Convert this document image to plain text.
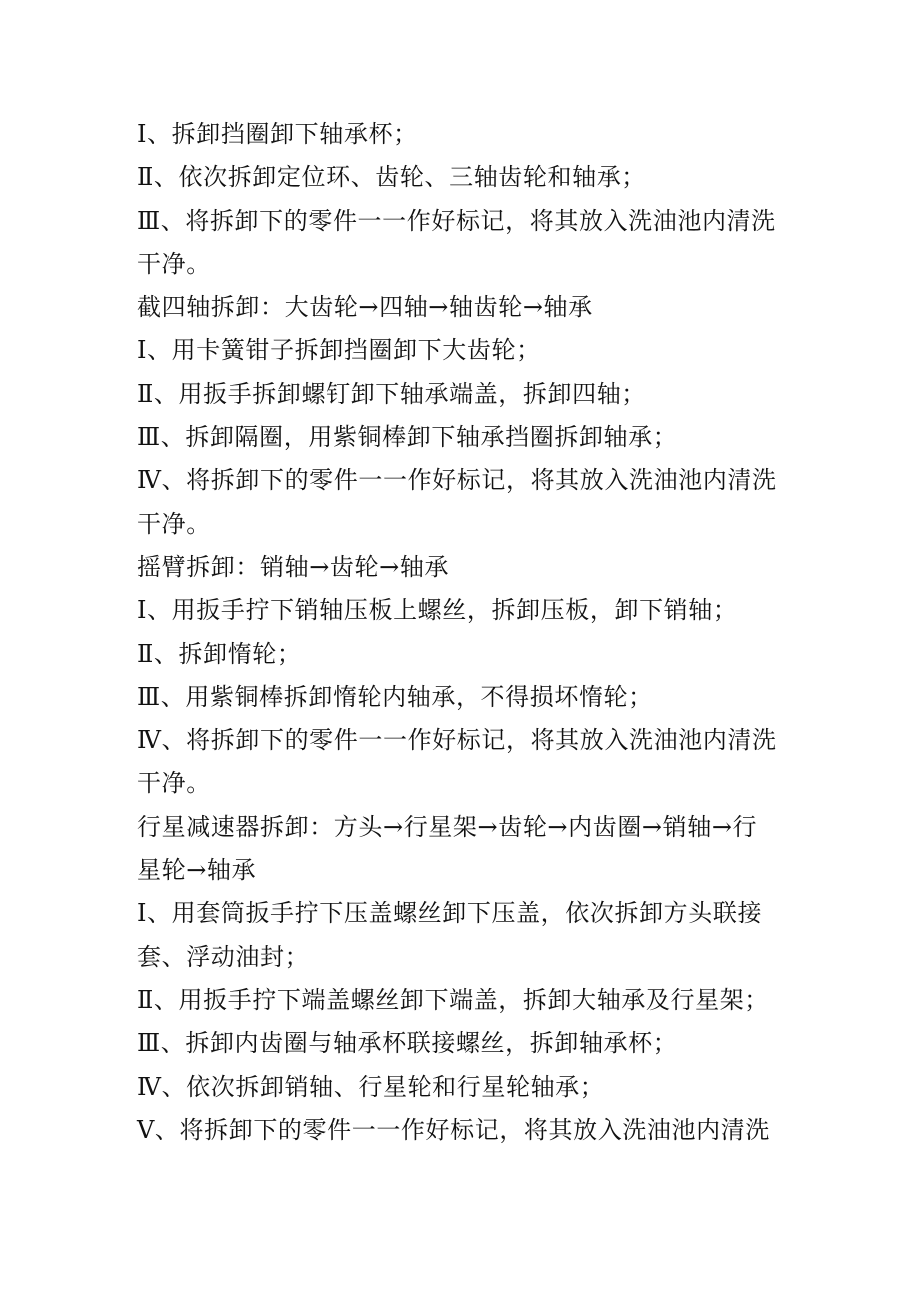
Ⅰ、拆卸挡圈卸下轴承杯；
Ⅱ、依次拆卸定位环、齿轮、三轴齿轮和轴承；
Ⅲ、将拆卸下的零件一一作好标记，将其放入洗油池内清洗
干净。
截四轴拆卸：大齿轮→四轴→轴齿轮→轴承
Ⅰ、用卡簧钳子拆卸挡圈卸下大齿轮；
Ⅱ、用扳手拆卸螺钉卸下轴承端盖，拆卸四轴；
Ⅲ、拆卸隔圈，用紫铜棒卸下轴承挡圈拆卸轴承；
Ⅳ、将拆卸下的零件一一作好标记，将其放入洗油池内清洗
干净。
摇臂拆卸：销轴→齿轮→轴承
Ⅰ、用扳手拧下销轴压板上螺丝，拆卸压板，卸下销轴；
Ⅱ、拆卸惰轮；
Ⅲ、用紫铜棒拆卸惰轮内轴承，不得损坏惰轮；
Ⅳ、将拆卸下的零件一一作好标记，将其放入洗油池内清洗
干净。
行星减速器拆卸：方头→行星架→齿轮→内齿圈→销轴→行
星轮→轴承
Ⅰ、用套筒扳手拧下压盖螺丝卸下压盖，依次拆卸方头联接
套、浮动油封；
Ⅱ、用扳手拧下端盖螺丝卸下端盖，拆卸大轴承及行星架；
Ⅲ、拆卸内齿圈与轴承杯联接螺丝，拆卸轴承杯；
Ⅳ、依次拆卸销轴、行星轮和行星轮轴承；
Ⅴ、将拆卸下的零件一一作好标记，将其放入洗油池内清洗
